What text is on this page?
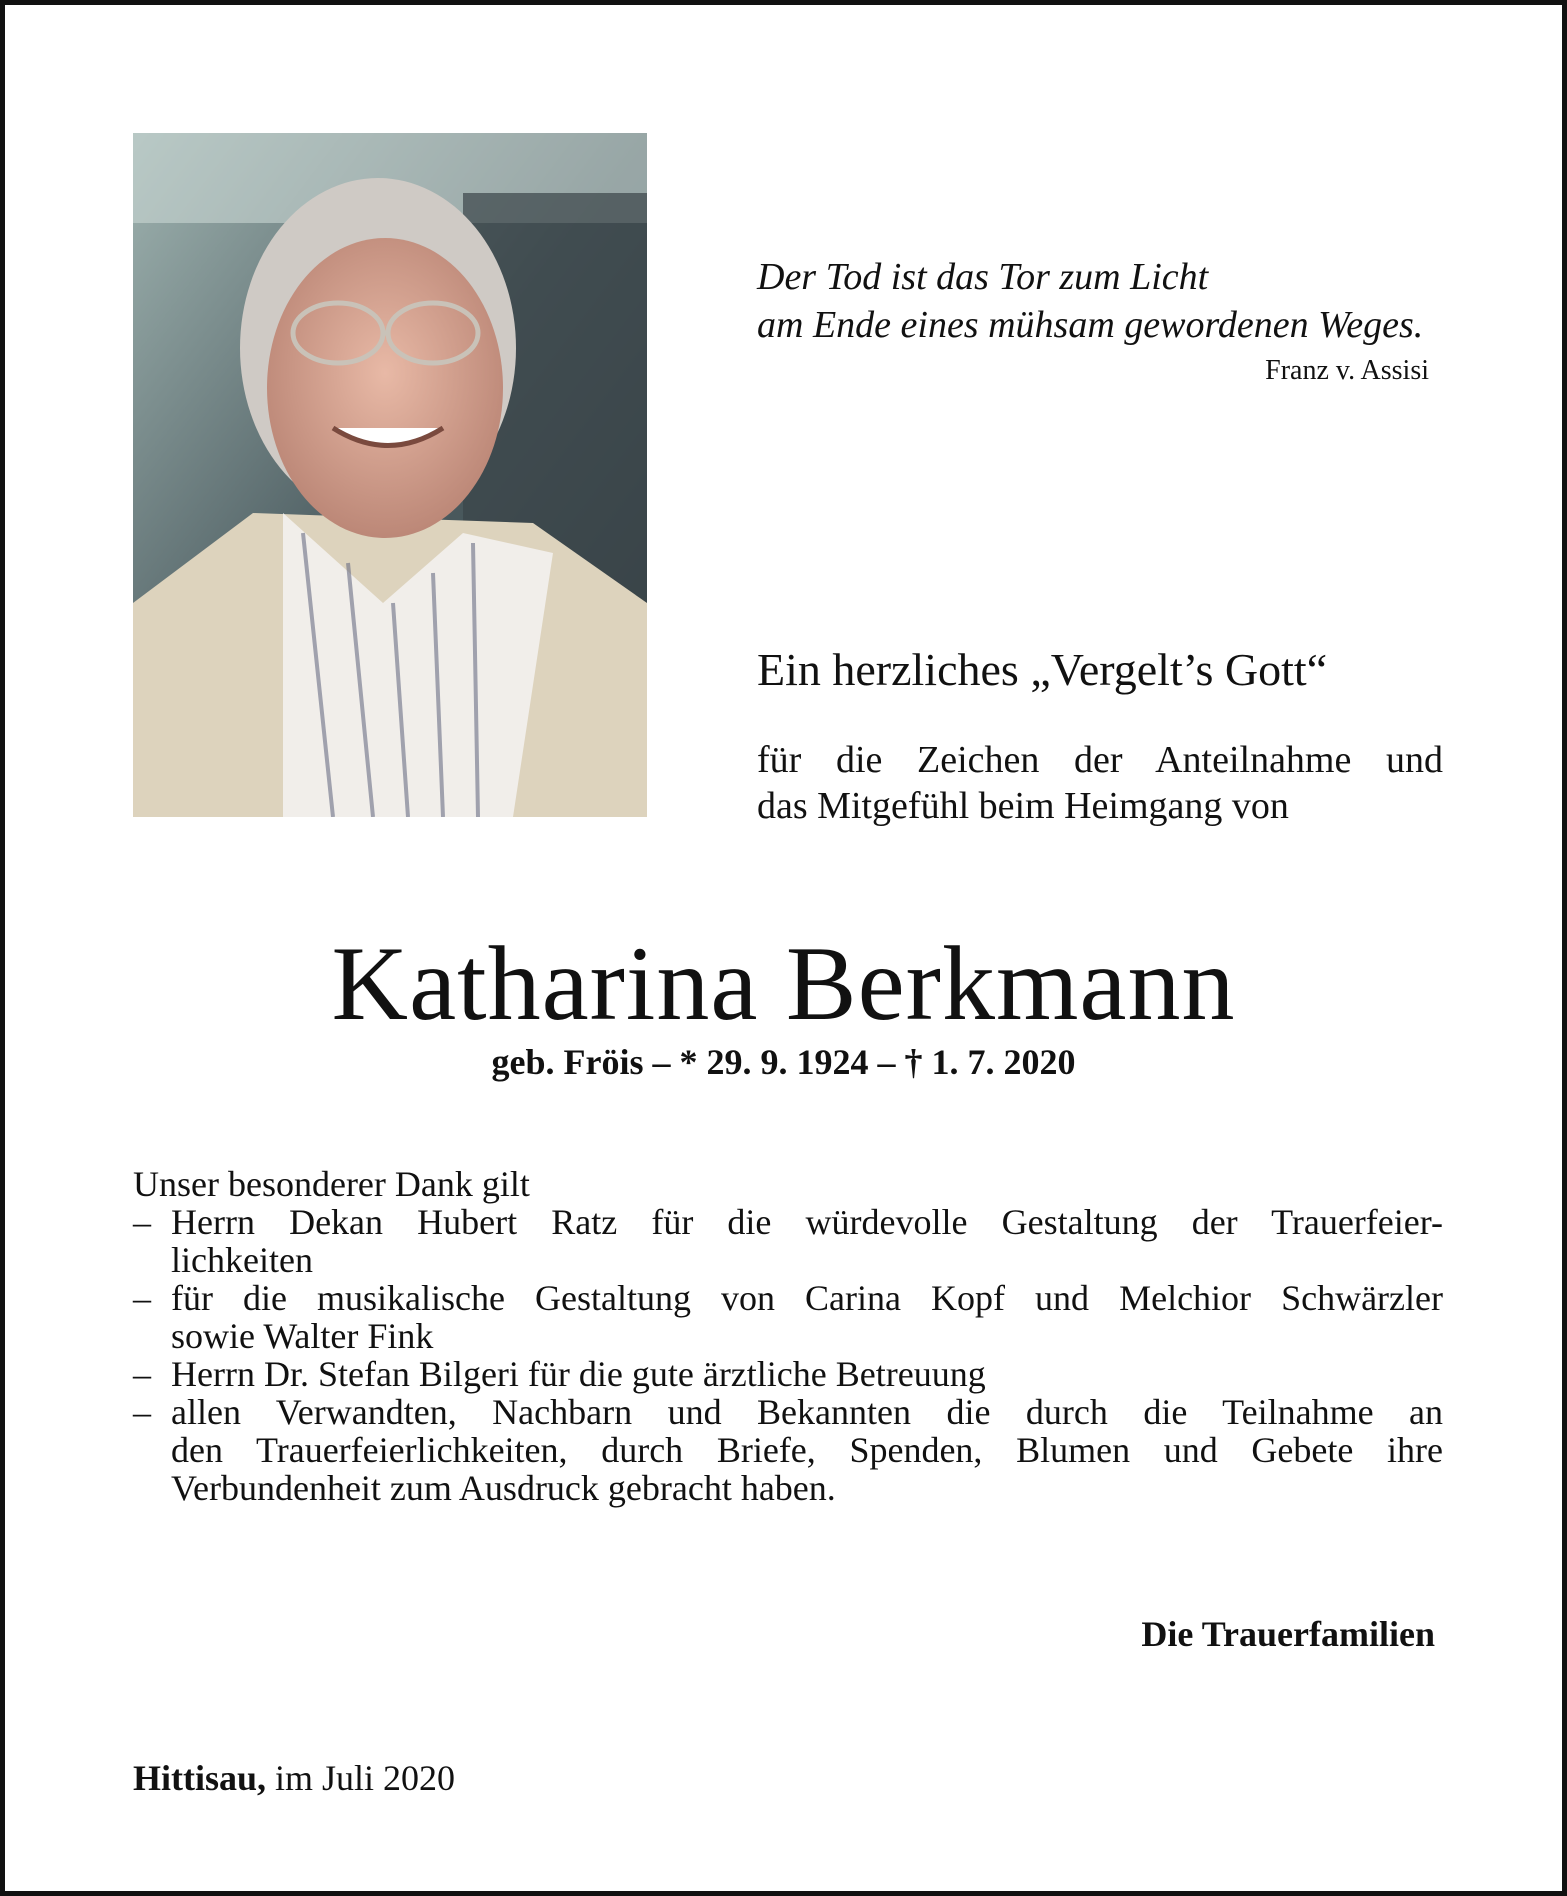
Der Tod ist das Tor zum Licht
am Ende eines mühsam gewordenen Weges.
Franz v. Assisi
Ein herzliches „Vergelt’s Gott“
für die Zeichen der Anteilnahme und
das Mitgefühl beim Heimgang von
Katharina Berkmann
geb. Fröis – * 29. 9. 1924 – † 1. 7. 2020
Unser besonderer Dank gilt
– Herrn Dekan Hubert Ratz für die würdevolle Gestaltung der Trauerfeier-
lichkeiten
– für die musikalische Gestaltung von Carina Kopf und Melchior Schwärzler
sowie Walter Fink
– Herrn Dr. Stefan Bilgeri für die gute ärztliche Betreuung
– allen Verwandten, Nachbarn und Bekannten die durch die Teilnahme an
den Trauerfeierlichkeiten, durch Briefe, Spenden, Blumen und Gebete ihre
Verbundenheit zum Ausdruck gebracht haben.
Die Trauerfamilien
Hittisau, im Juli 2020
